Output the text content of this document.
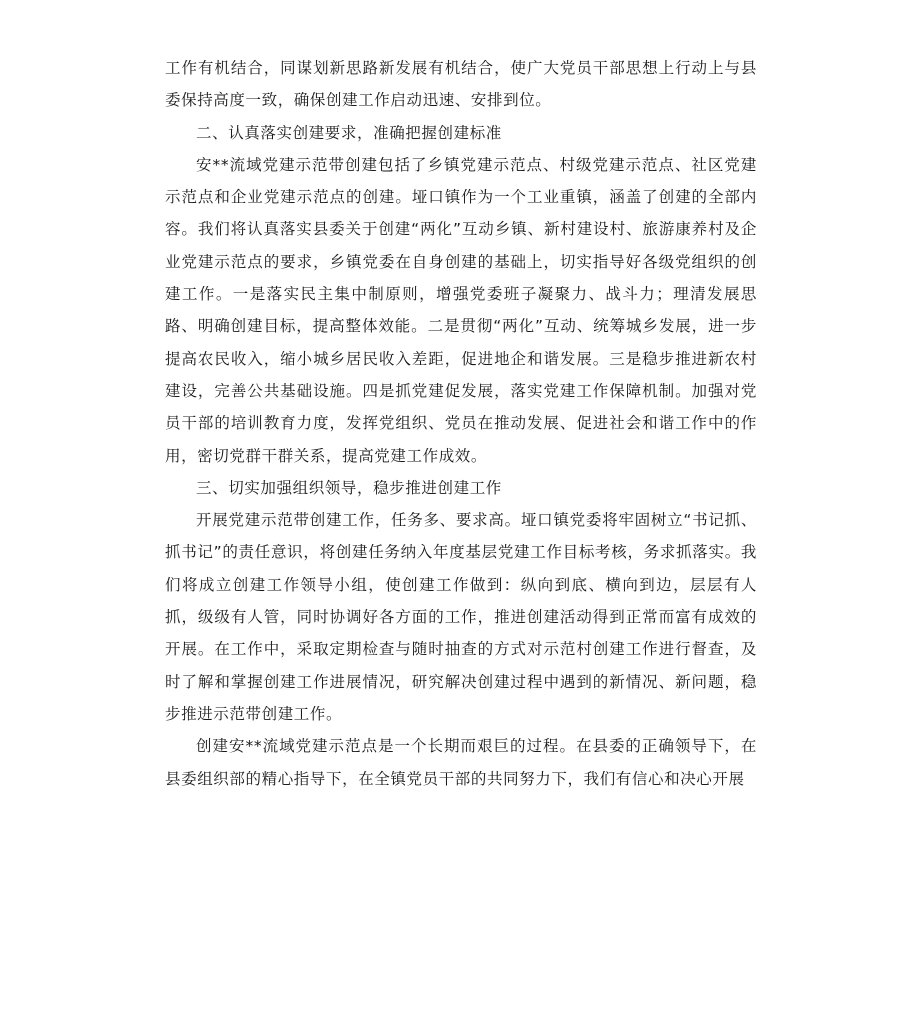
工作有机结合，同谋划新思路新发展有机结合，使广大党员干部思想上行动上与县委保持高度一致，确保创建工作启动迅速、安排到位。

二、认真落实创建要求，准确把握创建标准

安**流域党建示范带创建包括了乡镇党建示范点、村级党建示范点、社区党建示范点和企业党建示范点的创建。垭口镇作为一个工业重镇，涵盖了创建的全部内容。我们将认真落实县委关于创建“两化”互动乡镇、新村建设村、旅游康养村及企业党建示范点的要求，乡镇党委在自身创建的基础上，切实指导好各级党组织的创建工作。一是落实民主集中制原则，增强党委班子凝聚力、战斗力；理清发展思路、明确创建目标，提高整体效能。二是贯彻“两化”互动、统筹城乡发展，进一步提高农民收入，缩小城乡居民收入差距，促进地企和谐发展。三是稳步推进新农村建设，完善公共基础设施。四是抓党建促发展，落实党建工作保障机制。加强对党员干部的培训教育力度，发挥党组织、党员在推动发展、促进社会和谐工作中的作用，密切党群干群关系，提高党建工作成效。

三、切实加强组织领导，稳步推进创建工作

开展党建示范带创建工作，任务多、要求高。垭口镇党委将牢固树立“书记抓、抓书记”的责任意识，将创建任务纳入年度基层党建工作目标考核，务求抓落实。我们将成立创建工作领导小组，使创建工作做到：纵向到底、横向到边，层层有人抓，级级有人管，同时协调好各方面的工作，推进创建活动得到正常而富有成效的开展。在工作中，采取定期检查与随时抽查的方式对示范村创建工作进行督查，及时了解和掌握创建工作进展情况，研究解决创建过程中遇到的新情况、新问题，稳步推进示范带创建工作。

创建安**流域党建示范点是一个长期而艰巨的过程。在县委的正确领导下，在县委组织部的精心指导下，在全镇党员干部的共同努力下，我们有信心和决心开展
